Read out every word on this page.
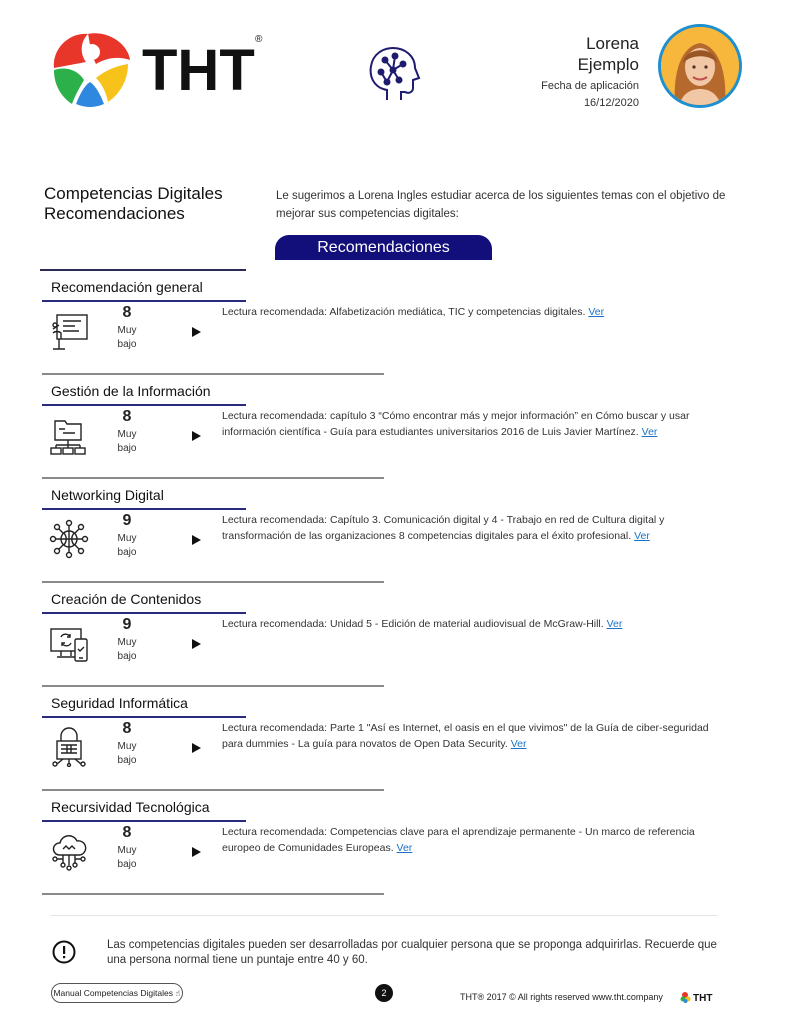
THT ®	Lorena
Ejemplo
Fecha de aplicación
16/12/2020
Competencias Digitales
Recomendaciones
Le sugerimos a Lorena Ingles estudiar acerca de los siguientes temas con el objetivo de mejorar sus competencias digitales:
Recomendaciones
Recomendación general
8
Muy
bajo
Lectura recomendada: Alfabetización mediática, TIC y competencias digitales. Ver
Gestión de la Información
8
Muy
bajo
Lectura recomendada: capítulo 3 “Cómo encontrar más y mejor información” en Cómo buscar y usar información científica - Guía para estudiantes universitarios 2016 de Luis Javier Martínez. Ver
Networking Digital
9
Muy
bajo
Lectura recomendada: Capítulo 3. Comunicación digital y 4 - Trabajo en red de Cultura digital y transformación de las organizaciones 8 competencias digitales para el éxito profesional. Ver
Creación de Contenidos
9
Muy
bajo
Lectura recomendada: Unidad 5 - Edición de material audiovisual de McGraw-Hill. Ver
Seguridad Informática
8
Muy
bajo
Lectura recomendada: Parte 1 "Así es Internet, el oasis en el que vivimos" de la Guía de ciber-seguridad para dummies - La guía para novatos de Open Data Security. Ver
Recursividad Tecnológica
8
Muy
bajo
Lectura recomendada: Competencias clave para el aprendizaje permanente - Un marco de referencia europeo de Comunidades Europeas. Ver
Las competencias digitales pueden ser desarrolladas por cualquier persona que se proponga adquirirlas. Recuerde que una persona normal tiene un puntaje entre 40 y 60.
Manual Competencias Digitales ☝	2	THT® 2017 © All rights reserved www.tht.company	THT
